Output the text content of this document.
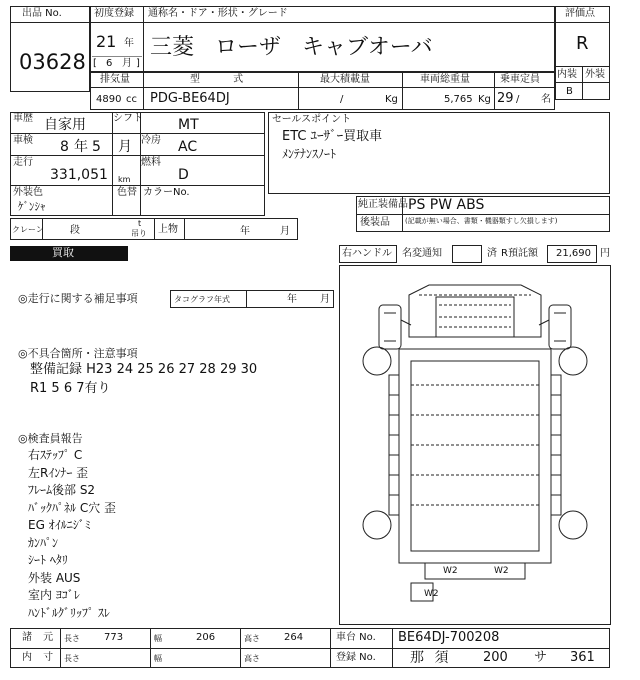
出品 No.
03628
初度登録 通称名・ドア・形状・グレード
21 年
[ 6 月 ]
三菱 ローザ キャブオーバ
評価点
R
内装 外装
B
排気量	型 式	最大積載量	車両総重量	乗車定員
4890 cc PDG-BE64DJ	/	Kg	5,765 Kg 29 / 名
車歴 自家用	シフト	MT
車検 8 年 5 月 冷房 AC
走行
331,051 km
燃料
D
外装色
ｹﾞﾝｼｬ
色替 カラーNo.
セールスポイント
ETC ﾕｰｻﾞｰ買取車
ﾒﾝﾃﾅﾝｽﾉｰﾄ
純正装備品 PS PW ABS
後装品 (記載が無い場合、書類・機器類すし欠損します)
クレーン	段
t
吊り 上物	年	月
買取	右ハンドル 名変通知	済 R預託額 21,690 円
◎走行に関する補足事項	タコグラフ年式	年 月
◎不具合箇所・注意事項
整備記録 H23 24 25 26 27 28 29 30
R1 5 6 7有り
◎検査員報告
右ｽﾃｯﾌﾟ C
左Rｲﾝﾅｰ 歪
ﾌﾚｰﾑ後部 S2
ﾊﾞｯｸﾊﾟﾈﾙ C穴 歪
EG ｵｲﾙﾆｼﾞﾐ
ｶﾝﾊﾟﾝ
ｼｰﾄ ﾍﾀﾘ
外装 AUS
室内 ﾖｺﾞﾚ
ﾊﾝﾄﾞﾙｸﾞﾘｯﾌﾟ ｽﾚ
W2	W2
W2
諸 元 長さ 773	幅	206	高さ 264	車台 No. BE64DJ-700208
内 寸 長さ	幅	高さ	登録 No. 那 須	200 サ 361
